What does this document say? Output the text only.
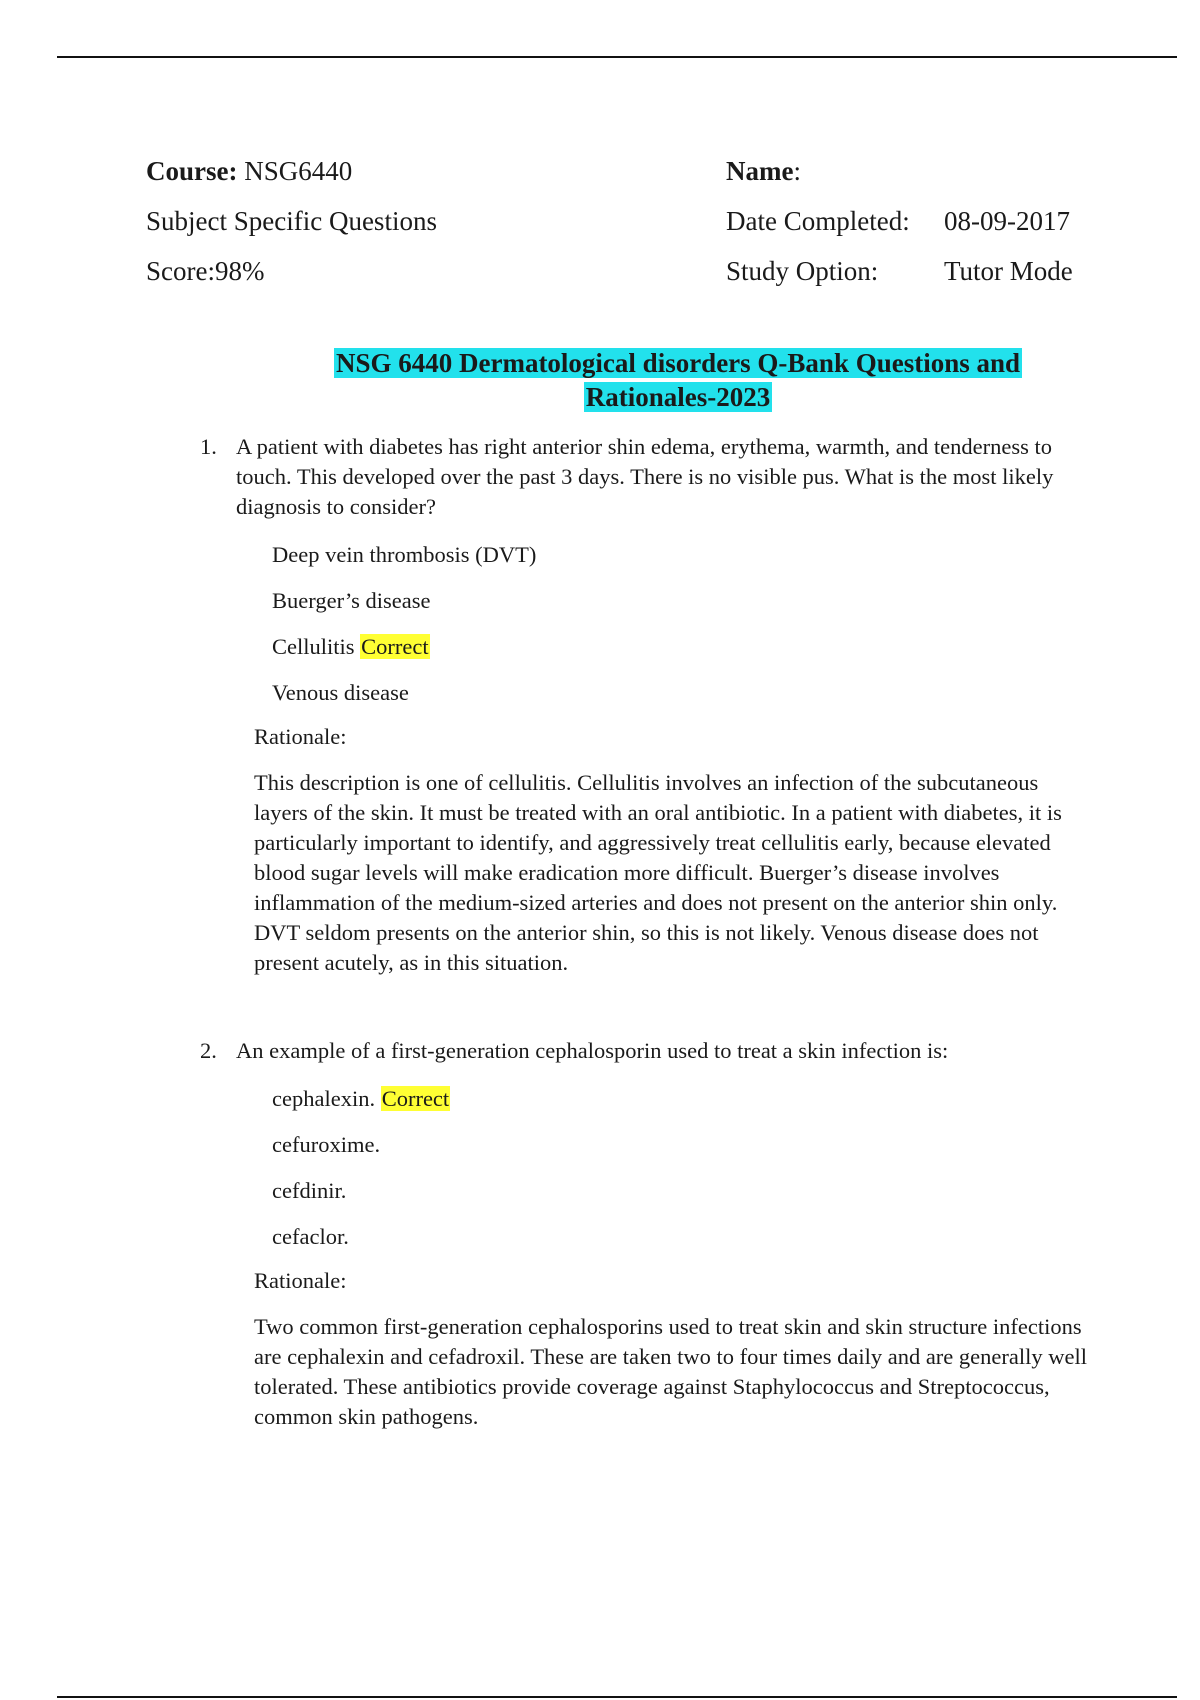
Course: NSG6440	Name :
Subject Specific Questions	Date Completed:	08-09-2017
Score:98%	Study Option:	Tutor Mode
NSG 6440 Dermatological disorders Q-Bank Questions and
Rationales-2023
1. A patient with diabetes has right anterior shin edema, erythema, warmth, and tenderness to touch. This developed over the past 3 days. There is no visible pus. What is the most likely diagnosis to consider?
Deep vein thrombosis (DVT)
Buerger’s disease
Cellulitis Correct
Venous disease
Rationale:
This description is one of cellulitis. Cellulitis involves an infection of the subcutaneous layers of the skin. It must be treated with an oral antibiotic. In a patient with diabetes, it is particularly important to identify, and aggressively treat cellulitis early, because elevated blood sugar levels will make eradication more difficult. Buerger’s disease involves inflammation of the medium-sized arteries and does not present on the anterior shin only. DVT seldom presents on the anterior shin, so this is not likely. Venous disease does not present acutely, as in this situation.
2. An example of a first-generation cephalosporin used to treat a skin infection is:
cephalexin. Correct
cefuroxime.
cefdinir.
cefaclor.
Rationale:
Two common first-generation cephalosporins used to treat skin and skin structure infections are cephalexin and cefadroxil. These are taken two to four times daily and are generally well tolerated. These antibiotics provide coverage against Staphylococcus and Streptococcus, common skin pathogens.
